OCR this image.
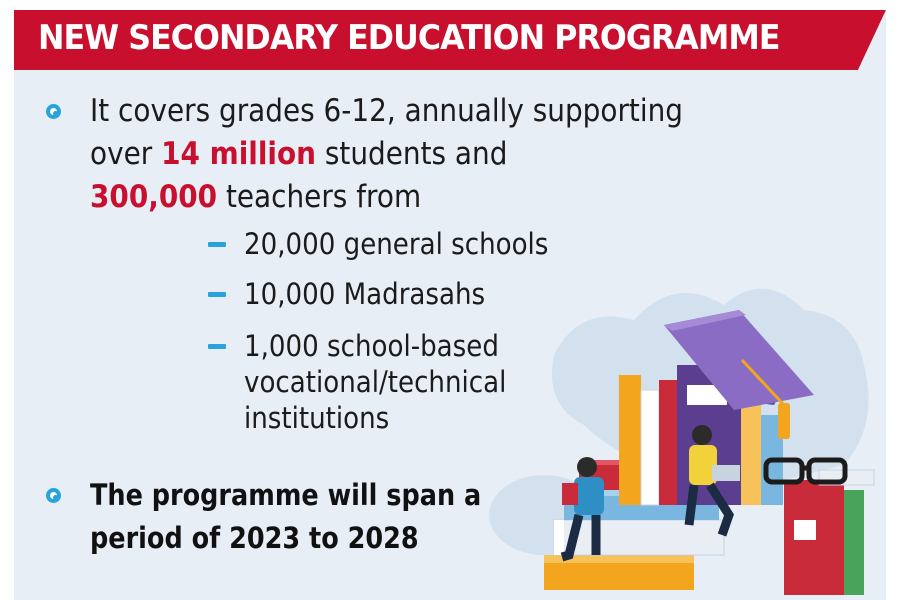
NEW SECONDARY EDUCATION PROGRAMME
It covers grades 6-12, annually supporting
over 14 million students and
300,000 teachers from
20,000 general schools
10,000 Madrasahs
1,000 school-based
vocational/technical
institutions
The programme will span a
period of 2023 to 2028
